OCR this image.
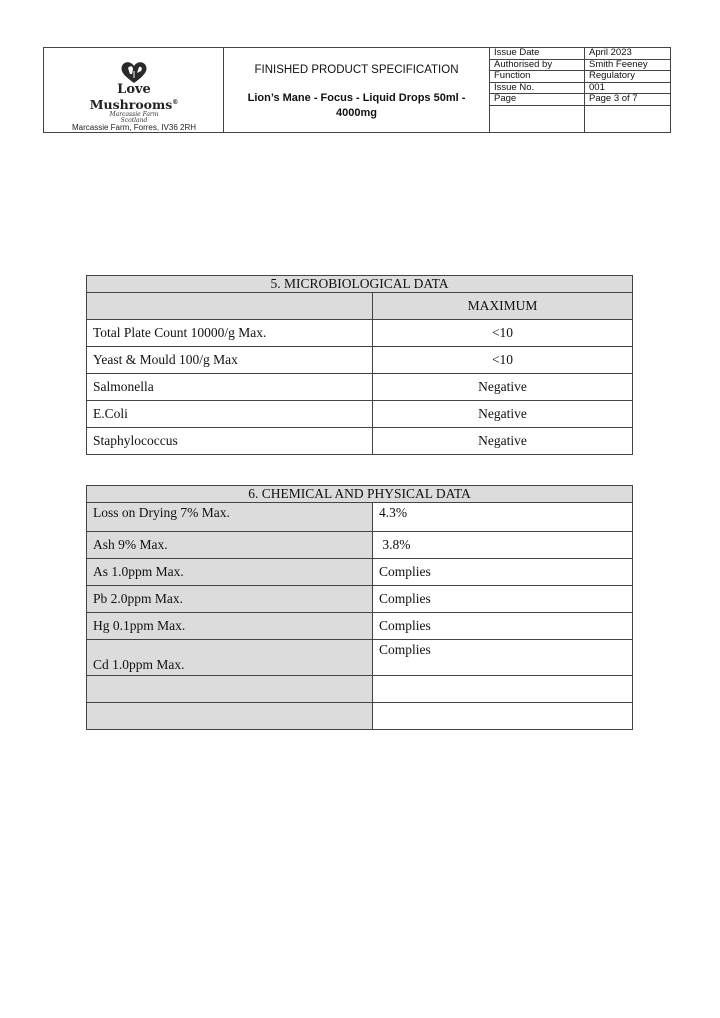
Love
Mushrooms®
Marcassie Farm
Scotland
Marcassie Farm, Forres, IV36 2RH
FINISHED PRODUCT SPECIFICATION
Lion’s Mane - Focus - Liquid Drops 50ml - 4000mg
Issue Date	April 2023
Authorised by	Smith Feeney
Function	Regulatory
Issue No.	001
Page	Page 3 of 7

5. MICROBIOLOGICAL DATA	
	MAXIMUM
Total Plate Count 10000/g Max.	<10
Yeast & Mould 100/g Max	<10
Salmonella	Negative
E.Coli	Negative
Staphylococcus	Negative
6. CHEMICAL AND PHYSICAL DATA	
Loss on Drying 7% Max.	4.3%
Ash 9% Max.	3.8%
As 1.0ppm Max.	Complies
Pb 2.0ppm Max.	Complies
Hg 0.1ppm Max.	Complies
Cd 1.0ppm Max.	Complies
